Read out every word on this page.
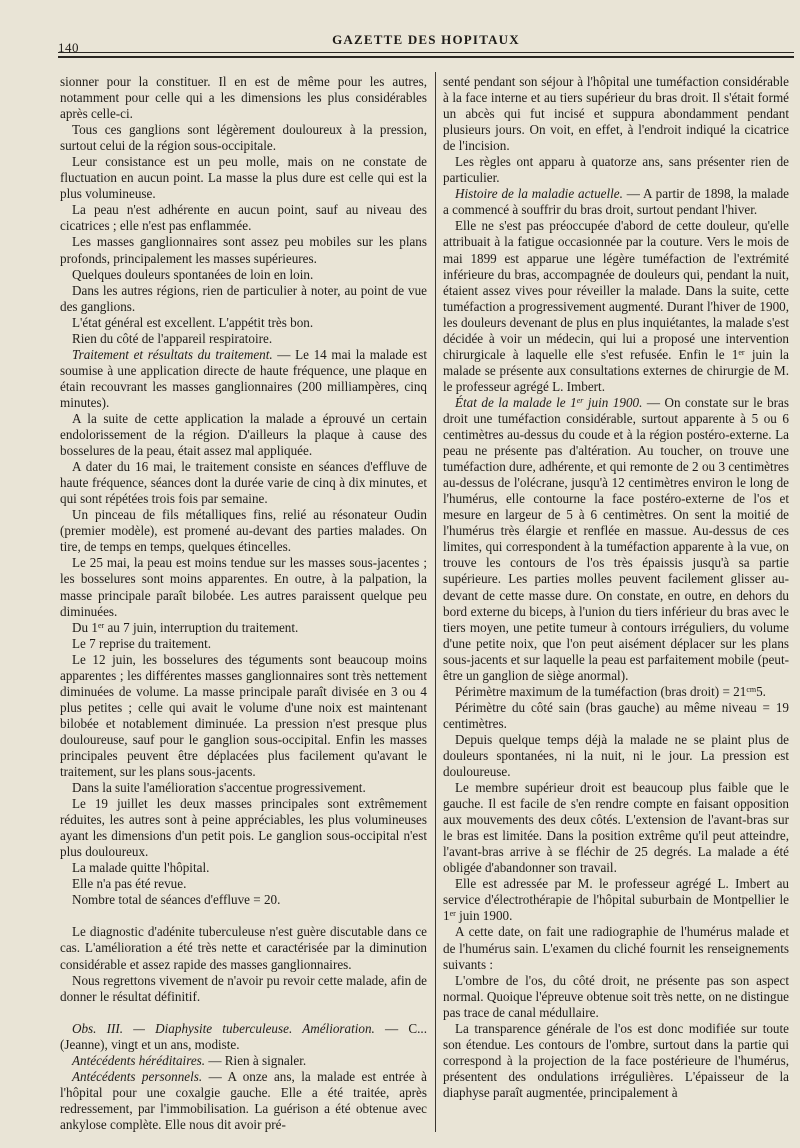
140
GAZETTE DES HOPITAUX

sionner pour la constituer. Il en est de même pour les autres, notamment pour celle qui a les dimensions les plus considérables après celle-ci.

Tous ces ganglions sont légèrement douloureux à la pression, surtout celui de la région sous-occipitale.

Leur consistance est un peu molle, mais on ne constate de fluctuation en aucun point. La masse la plus dure est celle qui est la plus volumineuse.

La peau n'est adhérente en aucun point, sauf au niveau des cicatrices ; elle n'est pas enflammée.

Les masses ganglionnaires sont assez peu mobiles sur les plans profonds, principalement les masses supérieures.

Quelques douleurs spontanées de loin en loin.

Dans les autres régions, rien de particulier à noter, au point de vue des ganglions.

L'état général est excellent. L'appétit très bon.

Rien du côté de l'appareil respiratoire.

Traitement et résultats du traitement. — Le 14 mai la malade est soumise à une application directe de haute fréquence, une plaque en étain recouvrant les masses ganglionnaires (200 milliampères, cinq minutes).

A la suite de cette application la malade a éprouvé un certain endolorissement de la région. D'ailleurs la plaque à cause des bosselures de la peau, était assez mal appliquée.

A dater du 16 mai, le traitement consiste en séances d'effluve de haute fréquence, séances dont la durée varie de cinq à dix minutes, et qui sont répétées trois fois par semaine.

Un pinceau de fils métalliques fins, relié au résonateur Oudin (premier modèle), est promené au-devant des parties malades. On tire, de temps en temps, quelques étincelles.

Le 25 mai, la peau est moins tendue sur les masses sous-jacentes ; les bosselures sont moins apparentes. En outre, à la palpation, la masse principale paraît bilobée. Les autres paraissent quelque peu diminuées.

Du 1er au 7 juin, interruption du traitement.

Le 7 reprise du traitement.

Le 12 juin, les bosselures des téguments sont beaucoup moins apparentes ; les différentes masses ganglionnaires sont très nettement diminuées de volume. La masse principale paraît divisée en 3 ou 4 plus petites ; celle qui avait le volume d'une noix est maintenant bilobée et notablement diminuée. La pression n'est presque plus douloureuse, sauf pour le ganglion sous-occipital. Enfin les masses principales peuvent être déplacées plus facilement qu'avant le traitement, sur les plans sous-jacents.

Dans la suite l'amélioration s'accentue progressivement.

Le 19 juillet les deux masses principales sont extrêmement réduites, les autres sont à peine appréciables, les plus volumineuses ayant les dimensions d'un petit pois. Le ganglion sous-occipital n'est plus douloureux.

La malade quitte l'hôpital.

Elle n'a pas été revue.

Nombre total de séances d'effluve = 20.

Le diagnostic d'adénite tuberculeuse n'est guère discutable dans ce cas. L'amélioration a été très nette et caractérisée par la diminution considérable et assez rapide des masses ganglionnaires.

Nous regrettons vivement de n'avoir pu revoir cette malade, afin de donner le résultat définitif.

Obs. III. — Diaphysite tuberculeuse. Amélioration. — C... (Jeanne), vingt et un ans, modiste.

Antécédents héréditaires. — Rien à signaler.

Antécédents personnels. — A onze ans, la malade est entrée à l'hôpital pour une coxalgie gauche. Elle a été traitée, après redressement, par l'immobilisation. La guérison a été obtenue avec ankylose complète. Elle nous dit avoir pré-

senté pendant son séjour à l'hôpital une tuméfaction considérable à la face interne et au tiers supérieur du bras droit. Il s'était formé un abcès qui fut incisé et suppura abondamment pendant plusieurs jours. On voit, en effet, à l'endroit indiqué la cicatrice de l'incision.

Les règles ont apparu à quatorze ans, sans présenter rien de particulier.

Histoire de la maladie actuelle. — A partir de 1898, la malade a commencé à souffrir du bras droit, surtout pendant l'hiver.

Elle ne s'est pas préoccupée d'abord de cette douleur, qu'elle attribuait à la fatigue occasionnée par la couture. Vers le mois de mai 1899 est apparue une légère tuméfaction de l'extrémité inférieure du bras, accompagnée de douleurs qui, pendant la nuit, étaient assez vives pour réveiller la malade. Dans la suite, cette tuméfaction a progressivement augmenté. Durant l'hiver de 1900, les douleurs devenant de plus en plus inquiétantes, la malade s'est décidée à voir un médecin, qui lui a proposé une intervention chirurgicale à laquelle elle s'est refusée. Enfin le 1er juin la malade se présente aux consultations externes de chirurgie de M. le professeur agrégé L. Imbert.

État de la malade le 1er juin 1900. — On constate sur le bras droit une tuméfaction considérable, surtout apparente à 5 ou 6 centimètres au-dessus du coude et à la région postéro-externe. La peau ne présente pas d'altération. Au toucher, on trouve une tuméfaction dure, adhérente, et qui remonte de 2 ou 3 centimètres au-dessus de l'olécrane, jusqu'à 12 centimètres environ le long de l'humérus, elle contourne la face postéro-externe de l'os et mesure en largeur de 5 à 6 centimètres. On sent la moitié de l'humérus très élargie et renflée en massue. Au-dessus de ces limites, qui correspondent à la tuméfaction apparente à la vue, on trouve les contours de l'os très épaissis jusqu'à sa partie supérieure. Les parties molles peuvent facilement glisser au-devant de cette masse dure. On constate, en outre, en dehors du bord externe du biceps, à l'union du tiers inférieur du bras avec le tiers moyen, une petite tumeur à contours irréguliers, du volume d'une petite noix, que l'on peut aisément déplacer sur les plans sous-jacents et sur laquelle la peau est parfaitement mobile (peut-être un ganglion de siège anormal).

Périmètre maximum de la tuméfaction (bras droit) = $21^{cm}5$.

Périmètre du côté sain (bras gauche) au même niveau = 19 centimètres.

Depuis quelque temps déjà la malade ne se plaint plus de douleurs spontanées, ni la nuit, ni le jour. La pression est douloureuse.

Le membre supérieur droit est beaucoup plus faible que le gauche. Il est facile de s'en rendre compte en faisant opposition aux mouvements des deux côtés. L'extension de l'avant-bras sur le bras est limitée. Dans la position extrême qu'il peut atteindre, l'avant-bras arrive à se fléchir de 25 degrés. La malade a été obligée d'abandonner son travail.

Elle est adressée par M. le professeur agrégé L. Imbert au service d'électrothérapie de l'hôpital suburbain de Montpellier le 1er juin 1900.

A cette date, on fait une radiographie de l'humérus malade et de l'humérus sain. L'examen du cliché fournit les renseignements suivants :

L'ombre de l'os, du côté droit, ne présente pas son aspect normal. Quoique l'épreuve obtenue soit très nette, on ne distingue pas trace de canal médullaire.

La transparence générale de l'os est donc modifiée sur toute son étendue. Les contours de l'ombre, surtout dans la partie qui correspond à la projection de la face postérieure de l'humérus, présentent des ondulations irrégulières. L'épaisseur de la diaphyse paraît augmentée, principalement à
